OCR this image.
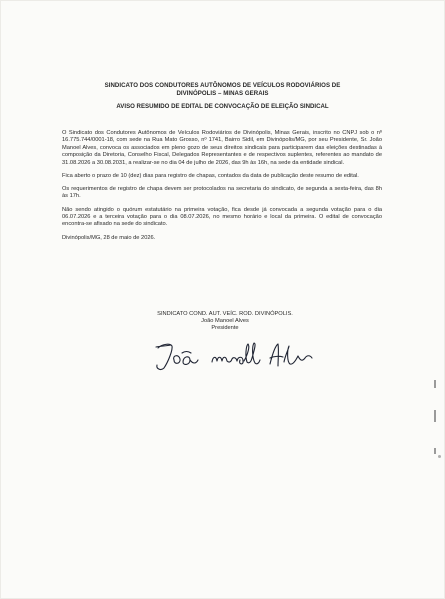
SINDICATO DOS CONDUTORES AUTÔNOMOS DE VEÍCULOS RODOVIÁRIOS DE
DIVINÓPOLIS – MINAS GERAIS
AVISO RESUMIDO DE EDITAL DE CONVOCAÇÃO DE ELEIÇÃO SINDICAL

O Sindicato dos Condutores Autônomos de Veículos Rodoviários de Divinópolis, Minas Gerais, inscrito no CNPJ sob o nº 16.775.744/0001-18, com sede na Rua Mato Grosso, nº 1741, Bairro Sidil, em Divinópolis/MG, por seu Presidente, Sr. João Manoel Alves, convoca os associados em pleno gozo de seus direitos sindicais para participarem das eleições destinadas à composição da Diretoria, Conselho Fiscal, Delegados Representantes e de respectivos suplentes, referentes ao mandato de 31.08.2026 a 30.08.2031, a realizar-se no dia 04 de julho de 2026, das 9h às 16h, na sede da entidade sindical.

Fica aberto o prazo de 10 (dez) dias para registro de chapas, contados da data de publicação deste resumo de edital.

Os requerimentos de registro de chapa devem ser protocolados na secretaria do sindicato, de segunda a sexta-feira, das 8h às 17h.

Não sendo atingido o quórum estatutário na primeira votação, fica desde já convocada a segunda votação para o dia 06.07.2026 e a terceira votação para o dia 08.07.2026, no mesmo horário e local da primeira. O edital de convocação encontra-se afixado na sede do sindicato.

Divinópolis/MG, 28 de maio de 2026.

SINDICATO COND. AUT. VEÍC. ROD. DIVINÓPOLIS.
João Manoel Alves
Presidente
